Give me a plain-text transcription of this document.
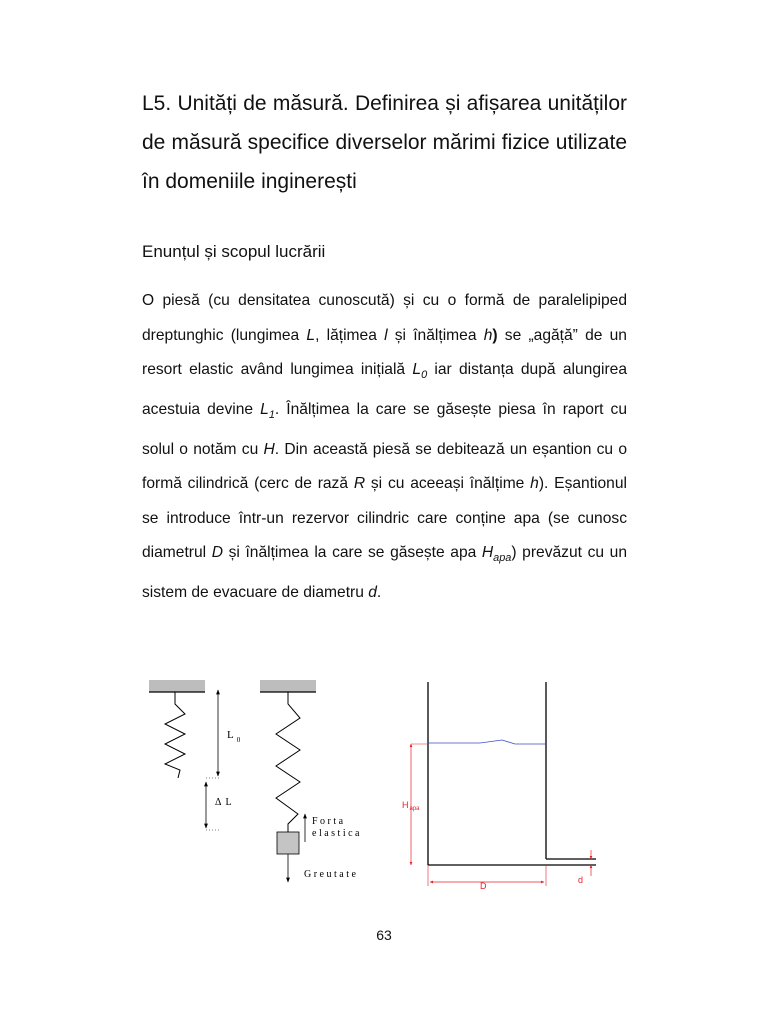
L5. Unități de măsură. Definirea și afișarea unităților de măsură specifice diverselor mărimi fizice utilizate în domeniile inginerești
Enunțul și scopul lucrării

O piesă (cu densitatea cunoscută) și cu o formă de paralelipiped dreptunghic (lungimea L, lățimea l și înălțimea h) se „agăță” de un resort elastic având lungimea inițială $L_0$ iar distanța după alungirea acestuia devine $L_1$. Înălțimea la care se găsește piesa în raport cu solul o notăm cu H. Din această piesă se debitează un eșantion cu o formă cilindrică (cerc de rază R și cu aceeași înălțime h). Eșantionul se introduce într-un rezervor cilindric care conține apa (se cunosc diametrul D și înălțimea la care se găsește apa $H_{apa}$) prevăzut cu un sistem de evacuare de diametru d.

L $_0$
Δ L
F o r t a e l a s t i c a
G r e u t a t e
$H_{apa}$
D
d
63
